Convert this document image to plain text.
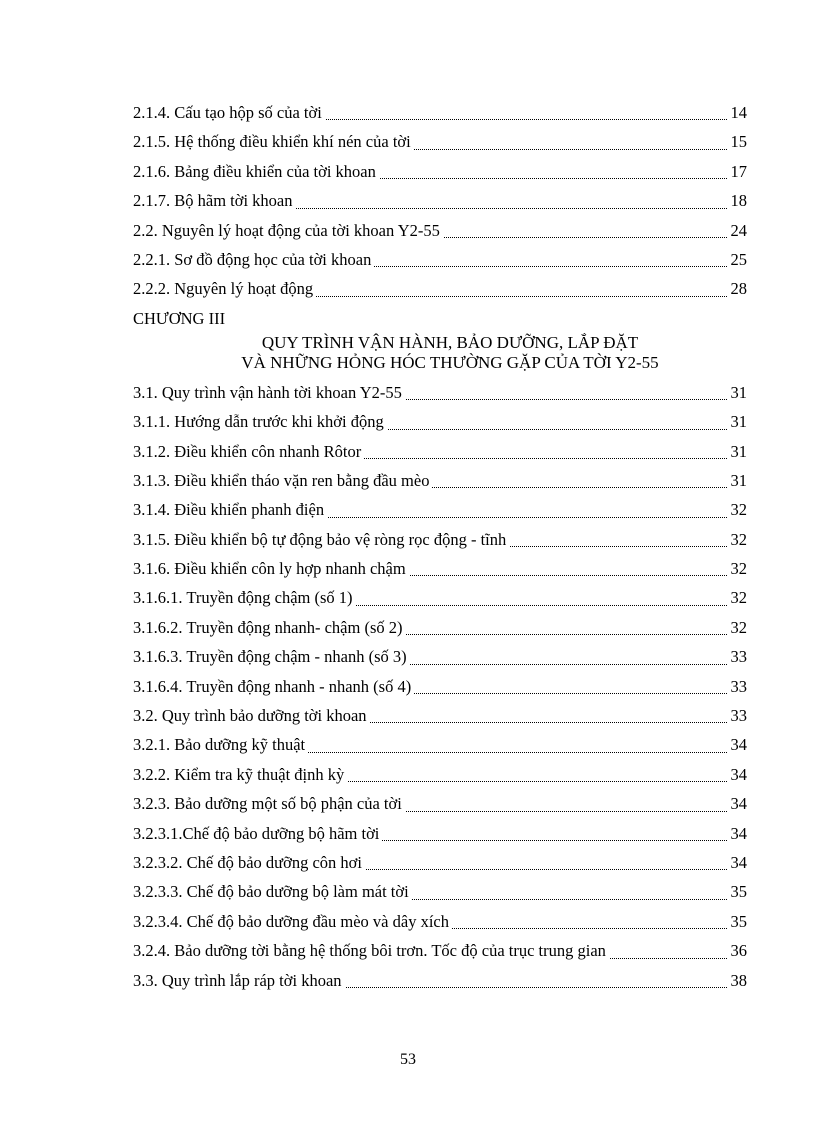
2.1.4. Cấu tạo hộp số của tời	14
2.1.5. Hệ thống điều khiển khí nén của tời	15
2.1.6. Bảng điều khiển của tời khoan	17
2.1.7. Bộ hãm tời khoan	18
2.2. Nguyên lý hoạt động của tời khoan Y2-55	24
2.2.1. Sơ đồ động học của tời khoan	25
2.2.2. Nguyên lý hoạt động	28
CHƯƠNG III
QUY TRÌNH VẬN HÀNH, BẢO DƯỠNG, LẮP ĐẶT
VÀ NHỮNG HỎNG HÓC THƯỜNG GẶP CỦA TỜI Y2-55
3.1. Quy trình vận hành tời khoan Y2-55	31
3.1.1. Hướng dẫn trước khi khởi động	31
3.1.2. Điều khiển côn nhanh Rôtor	31
3.1.3. Điều khiển tháo vặn ren bằng đầu mèo	31
3.1.4. Điều khiển phanh điện	32
3.1.5. Điều khiển bộ tự động bảo vệ ròng rọc động - tĩnh	32
3.1.6. Điều khiển côn ly hợp nhanh chậm	32
3.1.6.1. Truyền động chậm (số 1)	32
3.1.6.2. Truyền động nhanh- chậm (số 2)	32
3.1.6.3. Truyền động chậm - nhanh (số 3)	33
3.1.6.4. Truyền động nhanh - nhanh (số 4)	33
3.2. Quy trình bảo dưỡng tời khoan	33
3.2.1. Bảo dưỡng kỹ thuật	34
3.2.2. Kiểm tra kỹ thuật định kỳ	34
3.2.3. Bảo dưỡng một số bộ phận của tời	34
3.2.3.1.Chế độ bảo dưỡng bộ hãm tời	34
3.2.3.2. Chế độ bảo dưỡng côn hơi	34
3.2.3.3. Chế độ bảo dưỡng bộ làm mát tời	35
3.2.3.4. Chế độ bảo dưỡng đầu mèo và dây xích	35
3.2.4. Bảo dưỡng tời bằng hệ thống bôi trơn. Tốc độ của trục trung gian	36
3.3. Quy trình lắp ráp tời khoan	38
53
